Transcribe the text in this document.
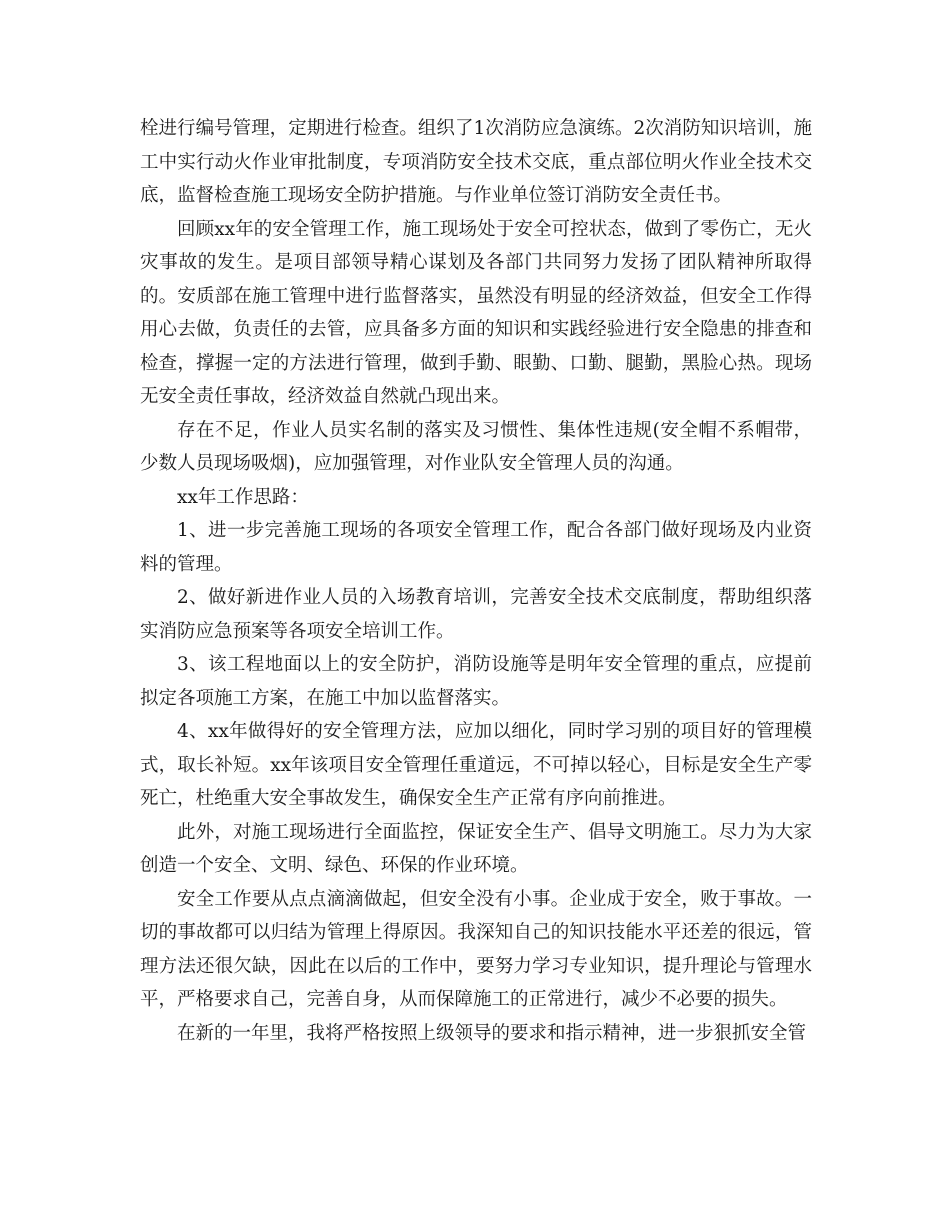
栓进行编号管理，定期进行检查。组织了1次消防应急演练。2次消防知识培训，施工中实行动火作业审批制度，专项消防安全技术交底，重点部位明火作业全技术交底，监督检查施工现场安全防护措施。与作业单位签订消防安全责任书。

回顾xx年的安全管理工作，施工现场处于安全可控状态，做到了零伤亡，无火灾事故的发生。是项目部领导精心谋划及各部门共同努力发扬了团队精神所取得的。安质部在施工管理中进行监督落实，虽然没有明显的经济效益，但安全工作得用心去做，负责任的去管，应具备多方面的知识和实践经验进行安全隐患的排查和检查，撑握一定的方法进行管理，做到手勤、眼勤、口勤、腿勤，黑脸心热。现场无安全责任事故，经济效益自然就凸现出来。

存在不足，作业人员实名制的落实及习惯性、集体性违规(安全帽不系帽带，少数人员现场吸烟)，应加强管理，对作业队安全管理人员的沟通。

xx年工作思路：

1、进一步完善施工现场的各项安全管理工作，配合各部门做好现场及内业资料的管理。

2、做好新进作业人员的入场教育培训，完善安全技术交底制度，帮助组织落实消防应急预案等各项安全培训工作。

3、该工程地面以上的安全防护，消防设施等是明年安全管理的重点，应提前拟定各项施工方案，在施工中加以监督落实。

4、xx年做得好的安全管理方法，应加以细化，同时学习别的项目好的管理模式，取长补短。xx年该项目安全管理任重道远，不可掉以轻心，目标是安全生产零死亡，杜绝重大安全事故发生，确保安全生产正常有序向前推进。

此外，对施工现场进行全面监控，保证安全生产、倡导文明施工。尽力为大家创造一个安全、文明、绿色、环保的作业环境。

安全工作要从点点滴滴做起，但安全没有小事。企业成于安全，败于事故。一切的事故都可以归结为管理上得原因。我深知自己的知识技能水平还差的很远，管理方法还很欠缺，因此在以后的工作中，要努力学习专业知识，提升理论与管理水平，严格要求自己，完善自身，从而保障施工的正常进行，减少不必要的损失。

在新的一年里，我将严格按照上级领导的要求和指示精神，进一步狠抓安全管
